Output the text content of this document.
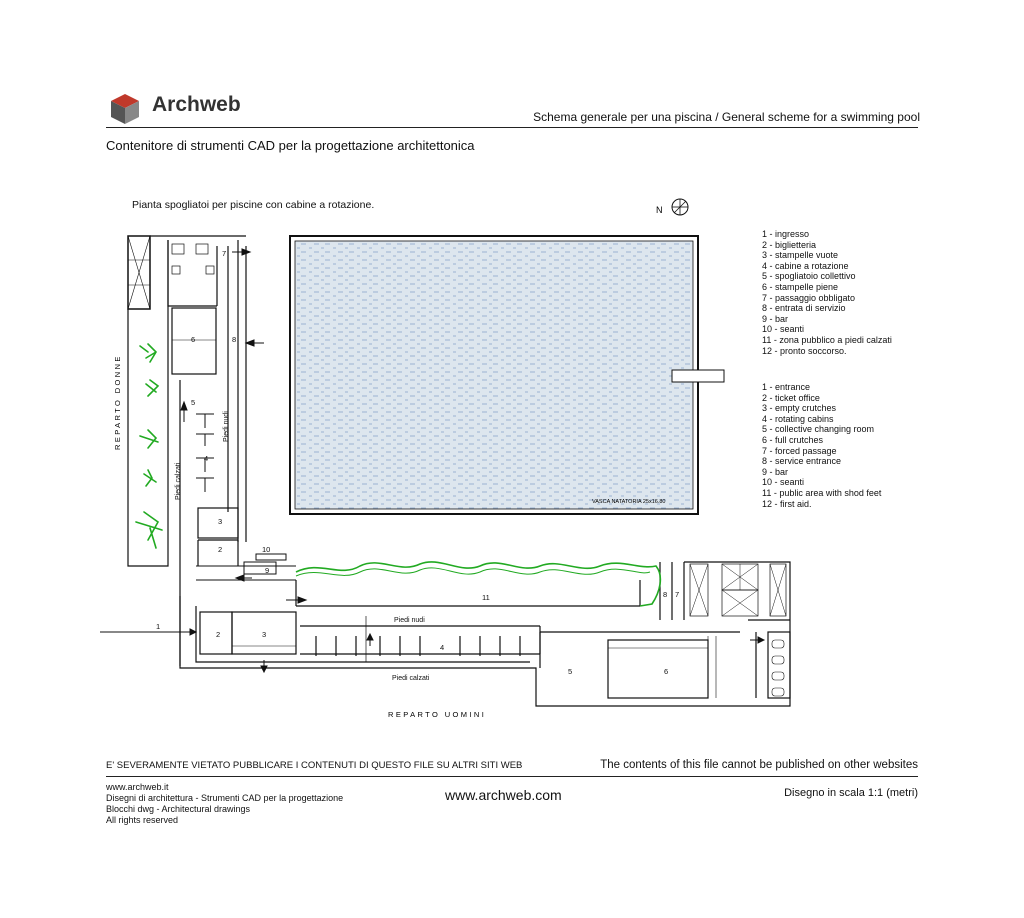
Archweb
Schema generale per una piscina / General scheme for a swimming pool
Contenitore di strumenti CAD per la progettazione architettonica
Pianta spogliatoi per piscine con cabine a rotazione.	N
VASCA NATATORIA 25x16.80
1
2	3
4
5	6
7
8
11
9
10
2
3
4
5
6	8
7
Piedi nudi
Piedi calzati
Piedi nudi
Piedi calzati
REPARTO DONNE
REPARTO UOMINI
1 - ingresso
2 - biglietteria
3 - stampelle vuote
4 - cabine a rotazione
5 - spogliatoio collettivo
6 - stampelle piene
7 - passaggio obbligato
8 - entrata di servizio
9 - bar
10 - seanti
11 - zona pubblico a piedi calzati
12 - pronto soccorso.
1 - entrance
2 - ticket office
3 - empty crutches
4 - rotating cabins
5 - collective changing room
6 - full crutches
7 - forced passage
8 - service entrance
9 - bar
10 - seanti
11 - public area with shod feet
12 - first aid.
E' SEVERAMENTE VIETATO PUBBLICARE I CONTENUTI DI QUESTO FILE SU ALTRI SITI WEB	The contents of this file cannot be published on other websites
www.archweb.it
Disegni di architettura - Strumenti CAD per la progettazione
Blocchi dwg - Architectural drawings
All rights reserved
www.archweb.com	Disegno in scala 1:1 (metri)
